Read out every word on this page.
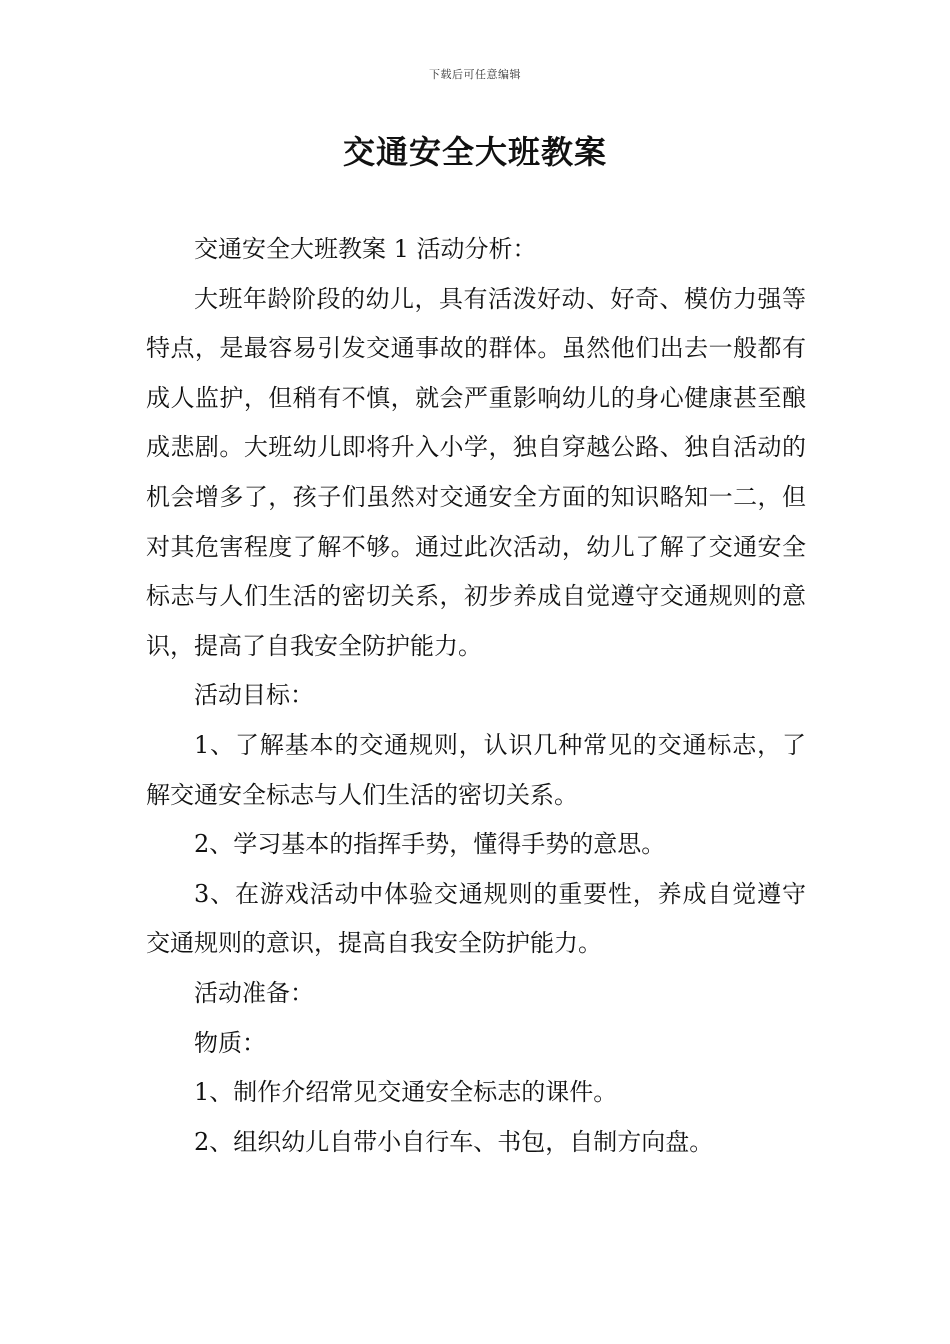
下载后可任意编辑
交通安全大班教案

交通安全大班教案 1 活动分析：

大班年龄阶段的幼儿，具有活泼好动、好奇、模仿力强等特点，是最容易引发交通事故的群体。虽然他们出去一般都有成人监护，但稍有不慎，就会严重影响幼儿的身心健康甚至酿成悲剧。大班幼儿即将升入小学，独自穿越公路、独自活动的机会增多了，孩子们虽然对交通安全方面的知识略知一二，但对其危害程度了解不够。通过此次活动，幼儿了解了交通安全标志与人们生活的密切关系，初步养成自觉遵守交通规则的意识，提高了自我安全防护能力。

活动目标：

1、了解基本的交通规则，认识几种常见的交通标志，了解交通安全标志与人们生活的密切关系。

2、学习基本的指挥手势，懂得手势的意思。

3、在游戏活动中体验交通规则的重要性，养成自觉遵守交通规则的意识，提高自我安全防护能力。

活动准备：

物质：

1、制作介绍常见交通安全标志的课件。

2、组织幼儿自带小自行车、书包，自制方向盘。
